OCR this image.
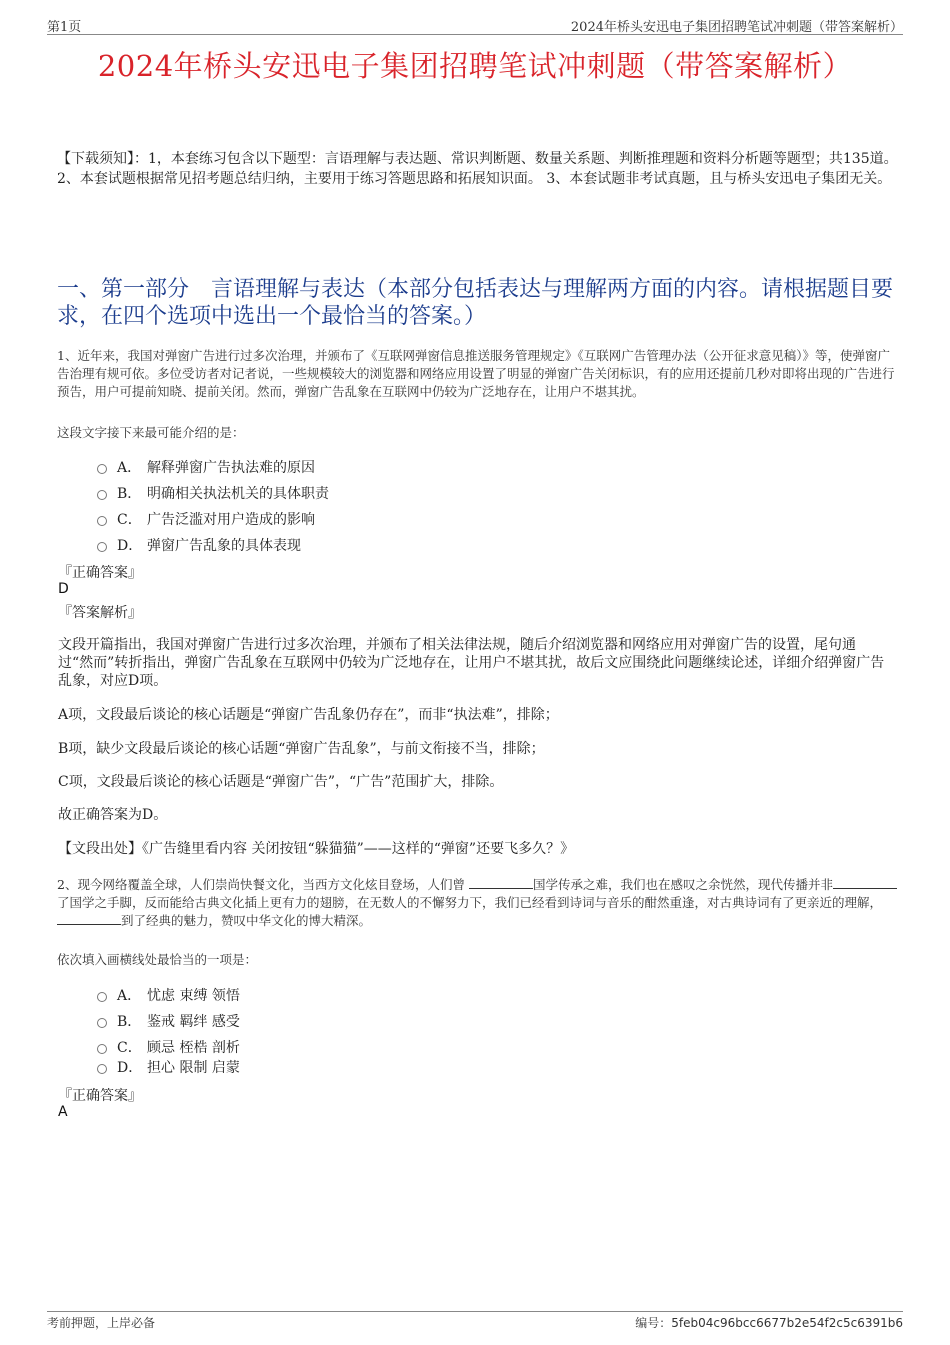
第1页	2024年桥头安迅电子集团招聘笔试冲刺题（带答案解析）
2024年桥头安迅电子集团招聘笔试冲刺题（带答案解析）
【下载须知】：1，本套练习包含以下题型：言语理解与表达题、常识判断题、数量关系题、判断推理题和资料分析题等题型；共135道。 2、本套试题根据常见招考题总结归纳，主要用于练习答题思路和拓展知识面。 3、本套试题非考试真题，且与桥头安迅电子集团无关。
一、第一部分　言语理解与表达（本部分包括表达与理解两方面的内容。请根据题目要求，在四个选项中选出一个最恰当的答案。）
1、近年来，我国对弹窗广告进行过多次治理，并颁布了《互联网弹窗信息推送服务管理规定》《互联网广告管理办法（公开征求意见稿）》等，使弹窗广告治理有规可依。多位受访者对记者说，一些规模较大的浏览器和网络应用设置了明显的弹窗广告关闭标识，有的应用还提前几秒对即将出现的广告进行预告，用户可提前知晓、提前关闭。然而，弹窗广告乱象在互联网中仍较为广泛地存在，让用户不堪其扰。
这段文字接下来最可能介绍的是：
A． 解释弹窗广告执法难的原因
B． 明确相关执法机关的具体职责
C． 广告泛滥对用户造成的影响
D． 弹窗广告乱象的具体表现
『正确答案』
D
『答案解析』
文段开篇指出，我国对弹窗广告进行过多次治理，并颁布了相关法律法规，随后介绍浏览器和网络应用对弹窗广告的设置，尾句通过“然而”转折指出，弹窗广告乱象在互联网中仍较为广泛地存在，让用户不堪其扰，故后文应围绕此问题继续论述，详细介绍弹窗广告乱象，对应D项。
A项，文段最后谈论的核心话题是“弹窗广告乱象仍存在”，而非“执法难”，排除；
B项，缺少文段最后谈论的核心话题“弹窗广告乱象”，与前文衔接不当，排除；
C项，文段最后谈论的核心话题是“弹窗广告”，“广告”范围扩大，排除。
故正确答案为D。
【文段出处】《广告缝里看内容 关闭按钮“躲猫猫”——这样的“弹窗”还要飞多久？》
2、现今网络覆盖全球，人们崇尚快餐文化，当西方文化炫目登场，人们曾	国学传承之难，我们也在感叹之余恍然，现代传播并非了国学之手脚，反而能给古典文化插上更有力的翅膀，在无数人的不懈努力下，我们已经看到诗词与音乐的酣然重逢，对古典诗词有了更亲近的理解，到了经典的魅力，赞叹中华文化的博大精深。
依次填入画横线处最恰当的一项是：
A． 忧虑 束缚 领悟
B． 鉴戒 羁绊 感受
C． 顾忌 桎梏 剖析
D． 担心 限制 启蒙
『正确答案』
A
考前押题，上岸必备	编号：5feb04c96bcc6677b2e54f2c5c6391b6
